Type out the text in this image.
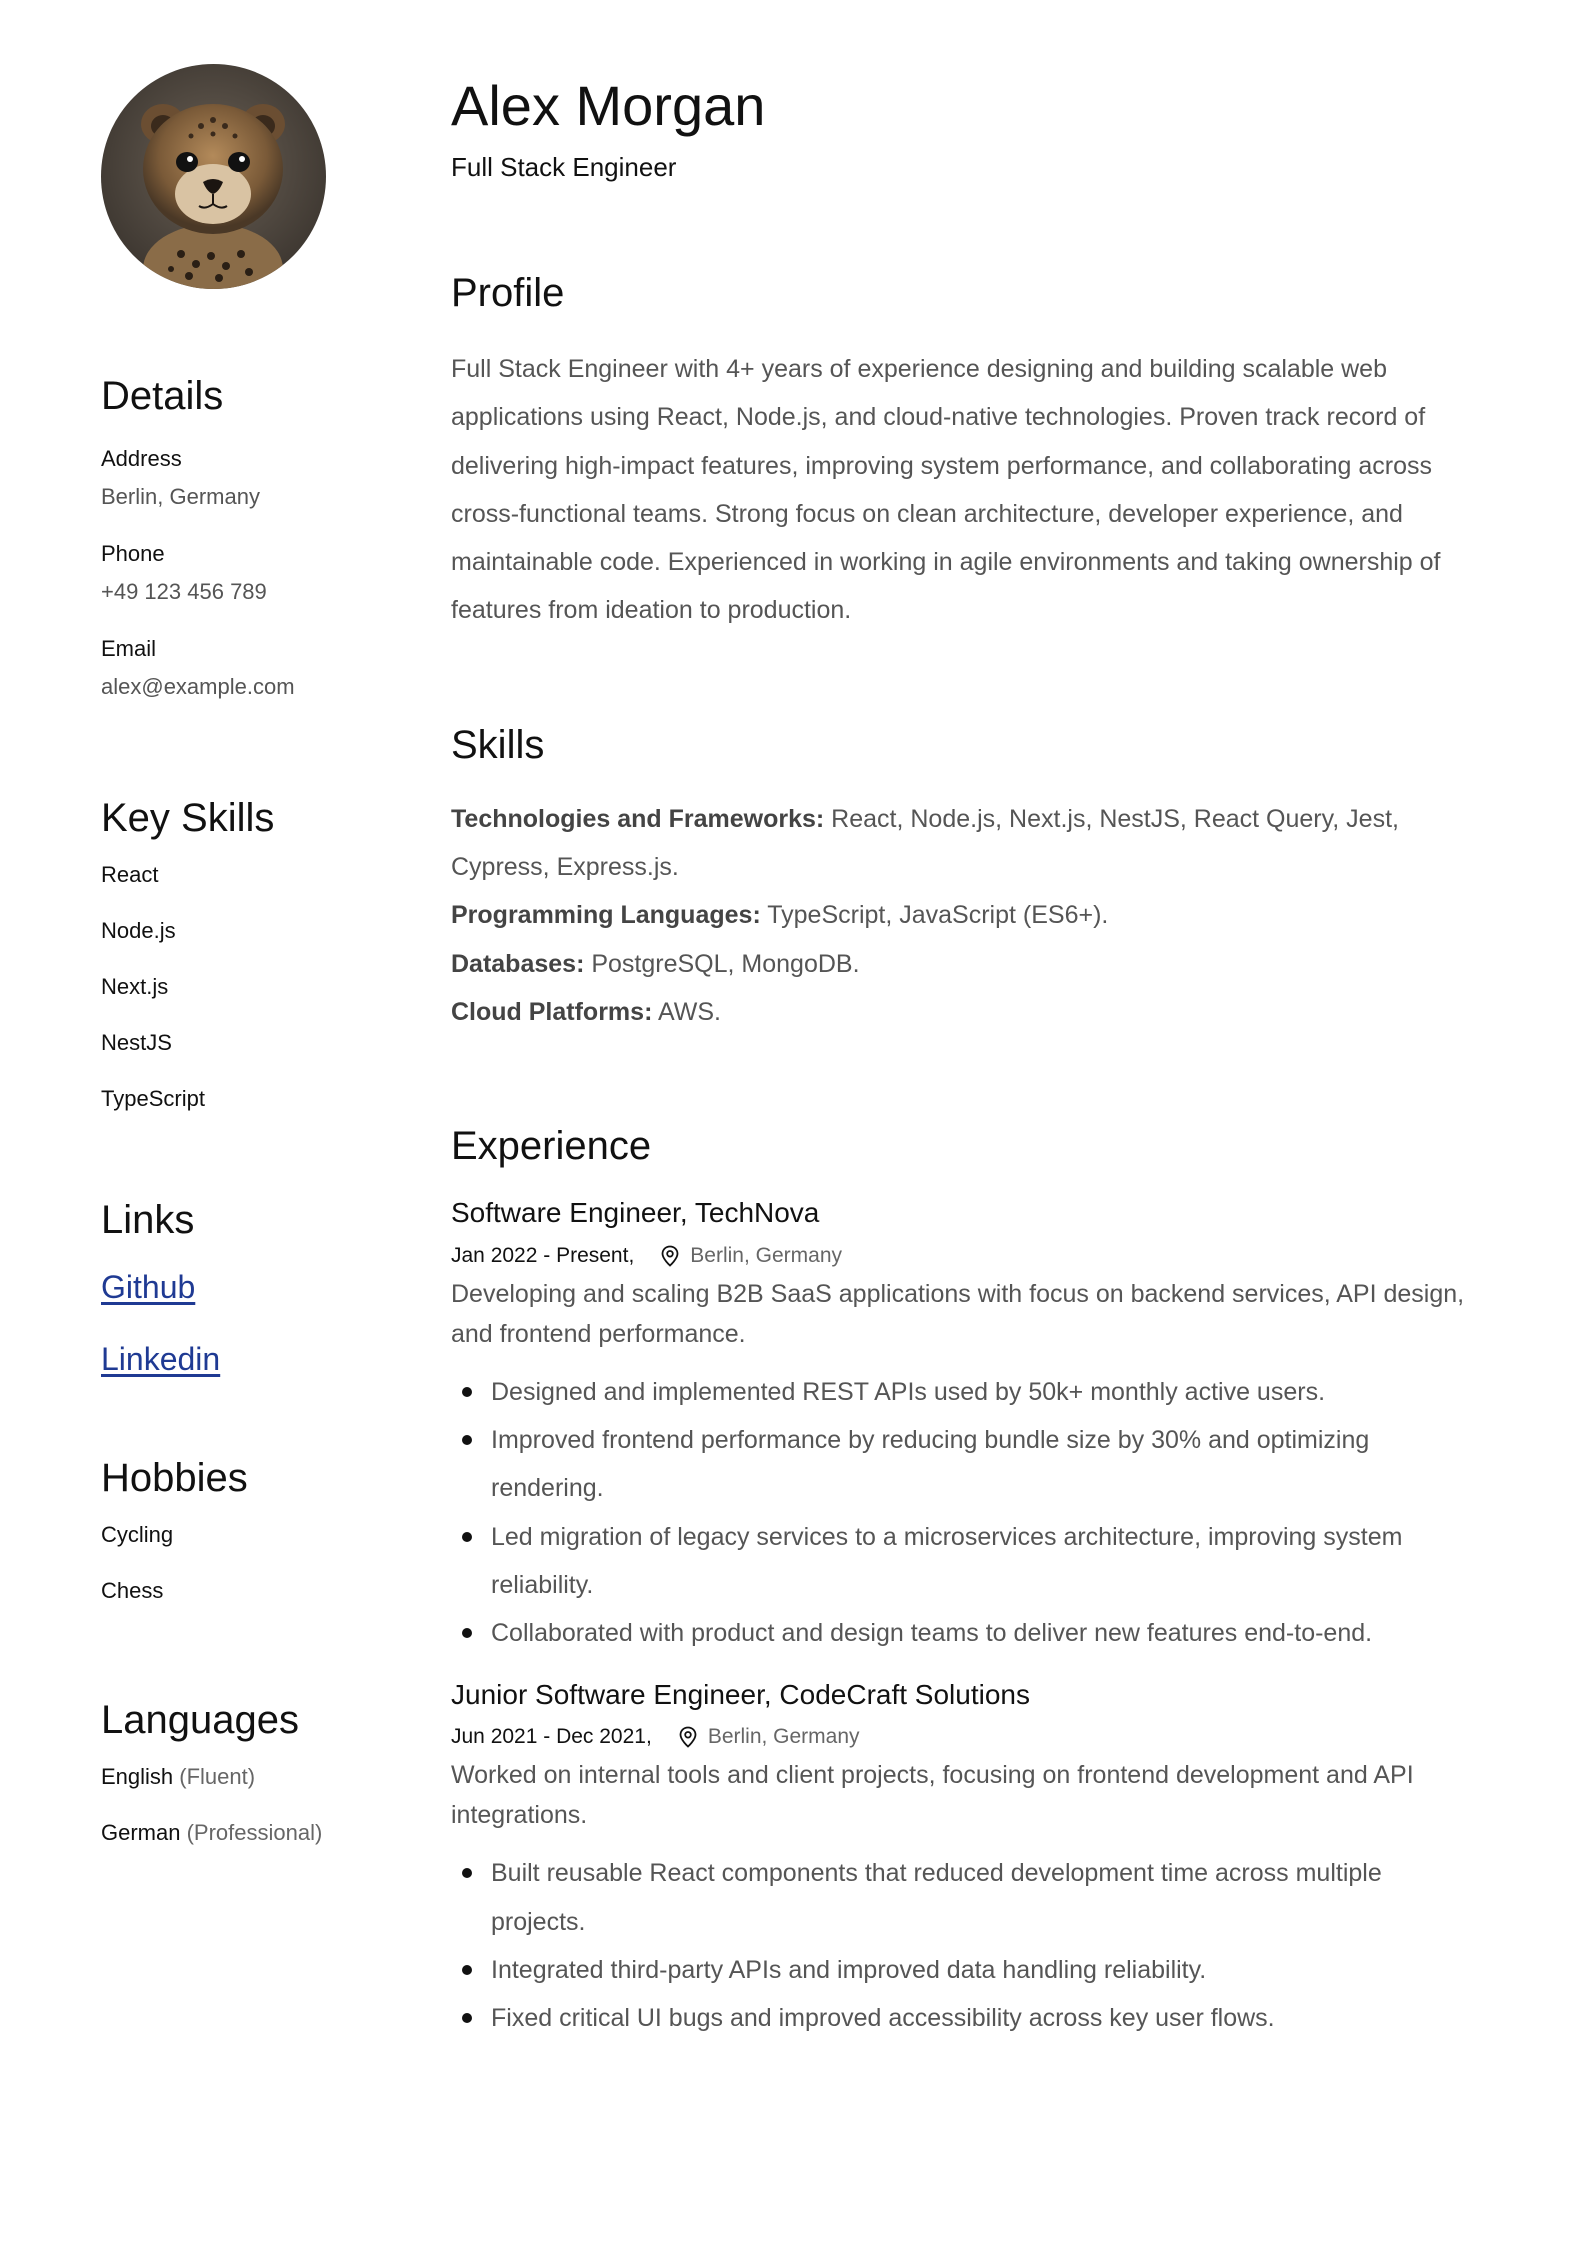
Details
Address
Berlin, Germany
Phone
+49 123 456 789
Email
alex@example.com
Key Skills
React
Node.js
Next.js
NestJS
TypeScript
Links
Github
Linkedin
Hobbies
Cycling
Chess
Languages
English (Fluent)
German (Professional)
Alex Morgan
Full Stack Engineer
Profile

Full Stack Engineer with 4+ years of experience designing and building scalable web applications using React, Node.js, and cloud-native technologies. Proven track record of delivering high-impact features, improving system performance, and collaborating across cross-functional teams. Strong focus on clean architecture, developer experience, and maintainable code. Experienced in working in agile environments and taking ownership of features from ideation to production.

Skills
Technologies and Frameworks: React, Node.js, Next.js, NestJS, React Query, Jest, Cypress, Express.js.
Programming Languages: TypeScript, JavaScript (ES6+).
Databases: PostgreSQL, MongoDB.
Cloud Platforms: AWS.
Experience
Software Engineer, TechNova
Jan 2022 - Present,	Berlin, Germany
Developing and scaling B2B SaaS applications with focus on backend services, API design, and frontend performance.
Designed and implemented REST APIs used by 50k+ monthly active users.
Improved frontend performance by reducing bundle size by 30% and optimizing rendering.
Led migration of legacy services to a microservices architecture, improving system reliability.
Collaborated with product and design teams to deliver new features end-to-end.
Junior Software Engineer, CodeCraft Solutions
Jun 2021 - Dec 2021,	Berlin, Germany
Worked on internal tools and client projects, focusing on frontend development and API integrations.
Built reusable React components that reduced development time across multiple projects.
Integrated third-party APIs and improved data handling reliability.
Fixed critical UI bugs and improved accessibility across key user flows.
